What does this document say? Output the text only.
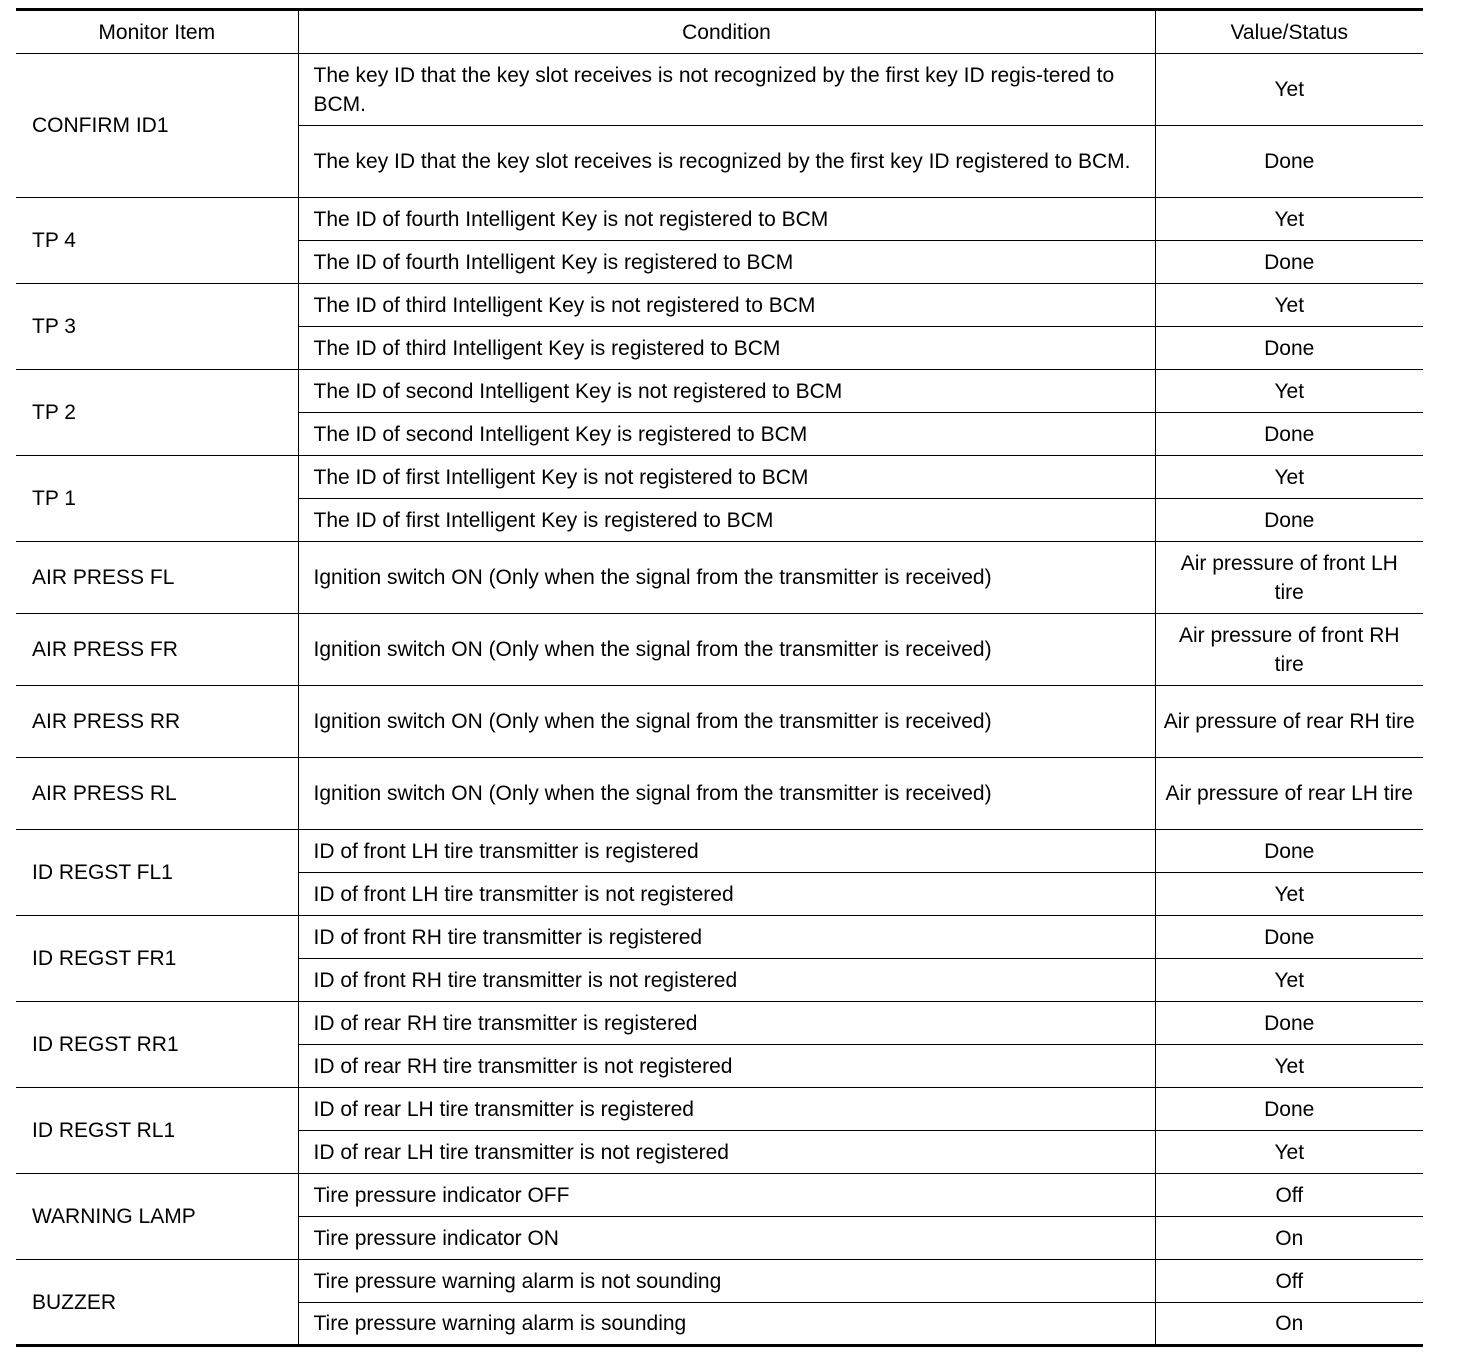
Monitor Item	Condition	Value/Status
CONFIRM ID1	The key ID that the key slot receives is not recognized by the first key ID regis-tered to BCM.	Yet
	The key ID that the key slot receives is recognized by the first key ID registered to BCM.	Done
TP 4	The ID of fourth Intelligent Key is not registered to BCM	Yet
	The ID of fourth Intelligent Key is registered to BCM	Done
TP 3	The ID of third Intelligent Key is not registered to BCM	Yet
	The ID of third Intelligent Key is registered to BCM	Done
TP 2	The ID of second Intelligent Key is not registered to BCM	Yet
	The ID of second Intelligent Key is registered to BCM	Done
TP 1	The ID of first Intelligent Key is not registered to BCM	Yet
	The ID of first Intelligent Key is registered to BCM	Done
AIR PRESS FL	Ignition switch ON (Only when the signal from the transmitter is received)	Air pressure of front LH tire
AIR PRESS FR	Ignition switch ON (Only when the signal from the transmitter is received)	Air pressure of front RH tire
AIR PRESS RR	Ignition switch ON (Only when the signal from the transmitter is received)	Air pressure of rear RH tire
AIR PRESS RL	Ignition switch ON (Only when the signal from the transmitter is received)	Air pressure of rear LH tire
ID REGST FL1	ID of front LH tire transmitter is registered	Done
	ID of front LH tire transmitter is not registered	Yet
ID REGST FR1	ID of front RH tire transmitter is registered	Done
	ID of front RH tire transmitter is not registered	Yet
ID REGST RR1	ID of rear RH tire transmitter is registered	Done
	ID of rear RH tire transmitter is not registered	Yet
ID REGST RL1	ID of rear LH tire transmitter is registered	Done
	ID of rear LH tire transmitter is not registered	Yet
WARNING LAMP	Tire pressure indicator OFF	Off
	Tire pressure indicator ON	On
BUZZER	Tire pressure warning alarm is not sounding	Off
	Tire pressure warning alarm is sounding	On
